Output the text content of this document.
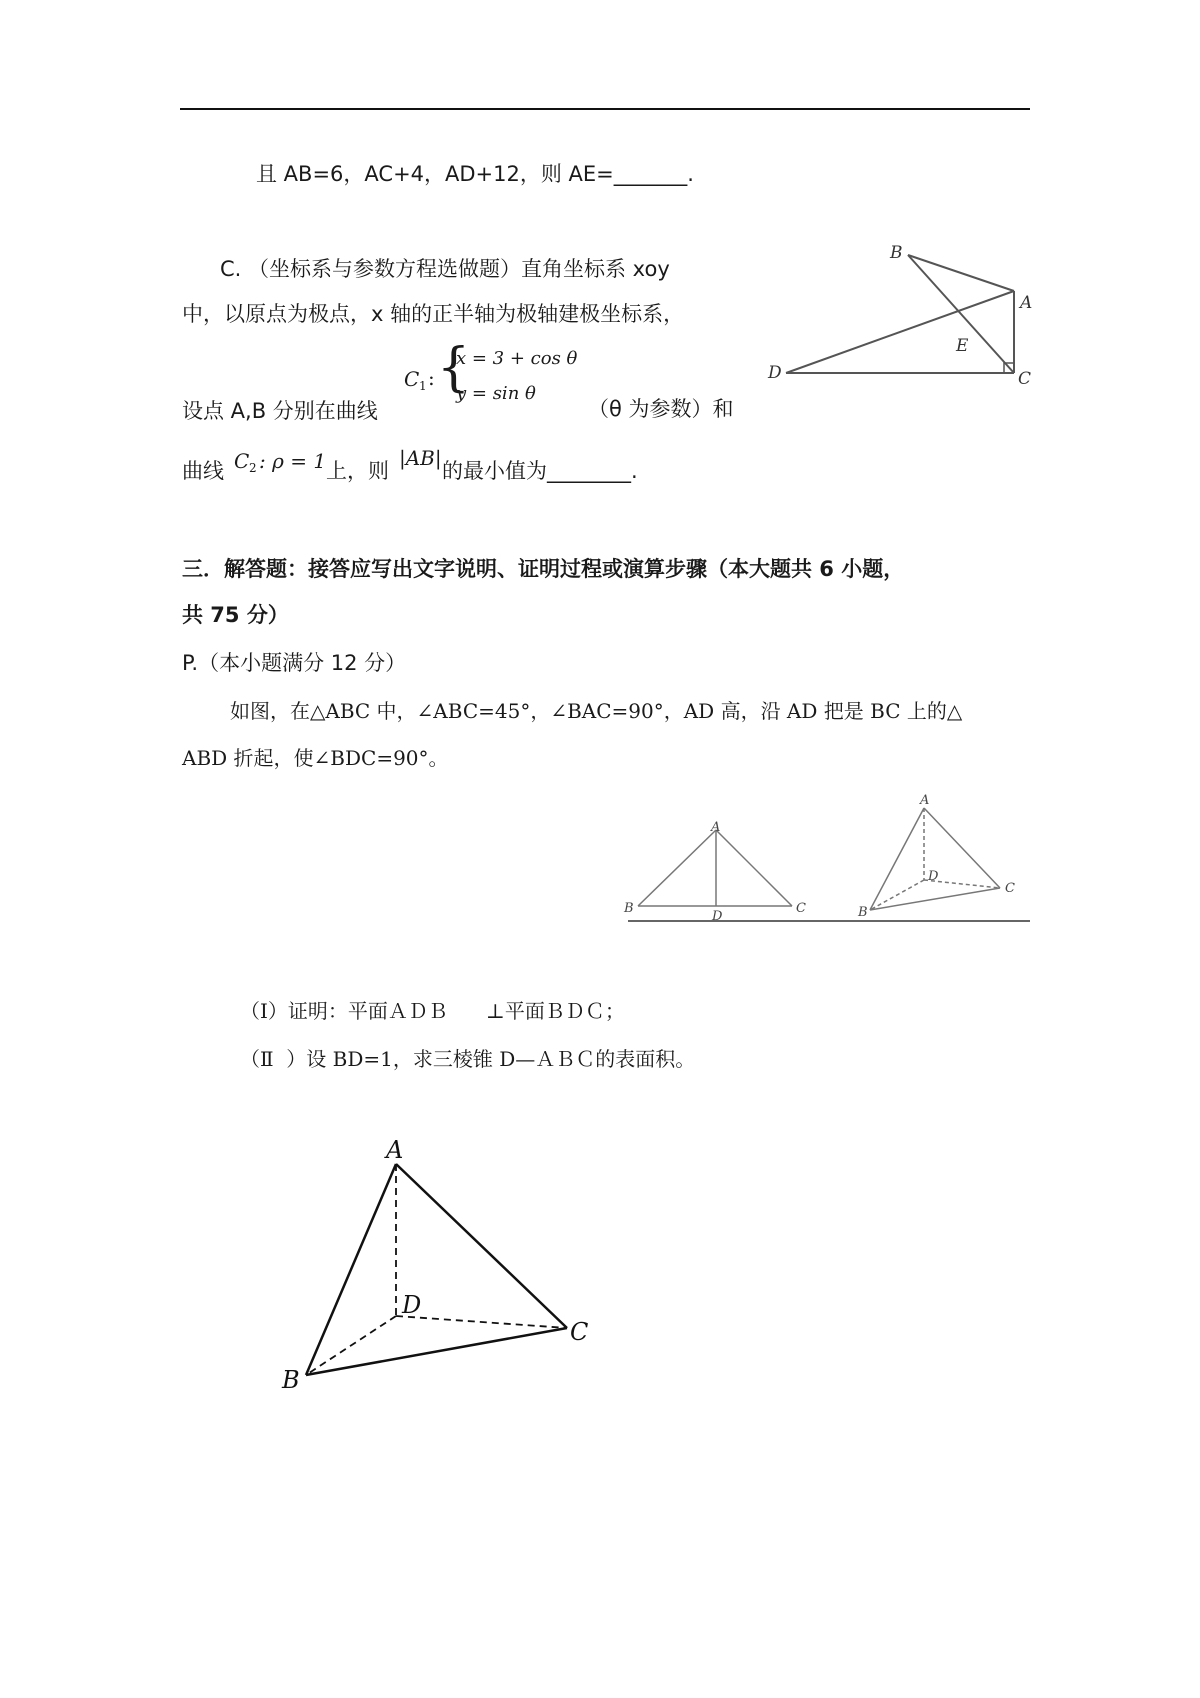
且 AB=6，AC+4，AD+12，则 AE=_______.
C. （坐标系与参数方程选做题）直角坐标系 xoy
中，以原点为极点，x 轴的正半轴为极轴建极坐标系，
C 1 : {
x = 3 + cos θ
y = sin θ
设点 A,B 分别在曲线	（θ 为参数）和
曲线 C 2 : ρ = 1 上，则
|AB|
的最小值为________.
B
A
C
D
E
三．解答题：接答应写出文字说明、证明过程或演算步骤（本大题共 6 小题，
共 75 分）
P.（本小题满分 12 分）
如图，在△ABC 中，∠ABC=45°，∠BAC=90°，AD 高，沿 AD 把是 BC 上的△
ABD 折起，使∠BDC=90°。
A
B	C
D
A
B
C
D
（Ⅰ）证明：平面ＡＤＢ      ⊥平面ＢＤＣ；
（Ⅱ  ）设 BD=1，求三棱锥 D—ＡＢＣ的表面积。
A
B
C
D
